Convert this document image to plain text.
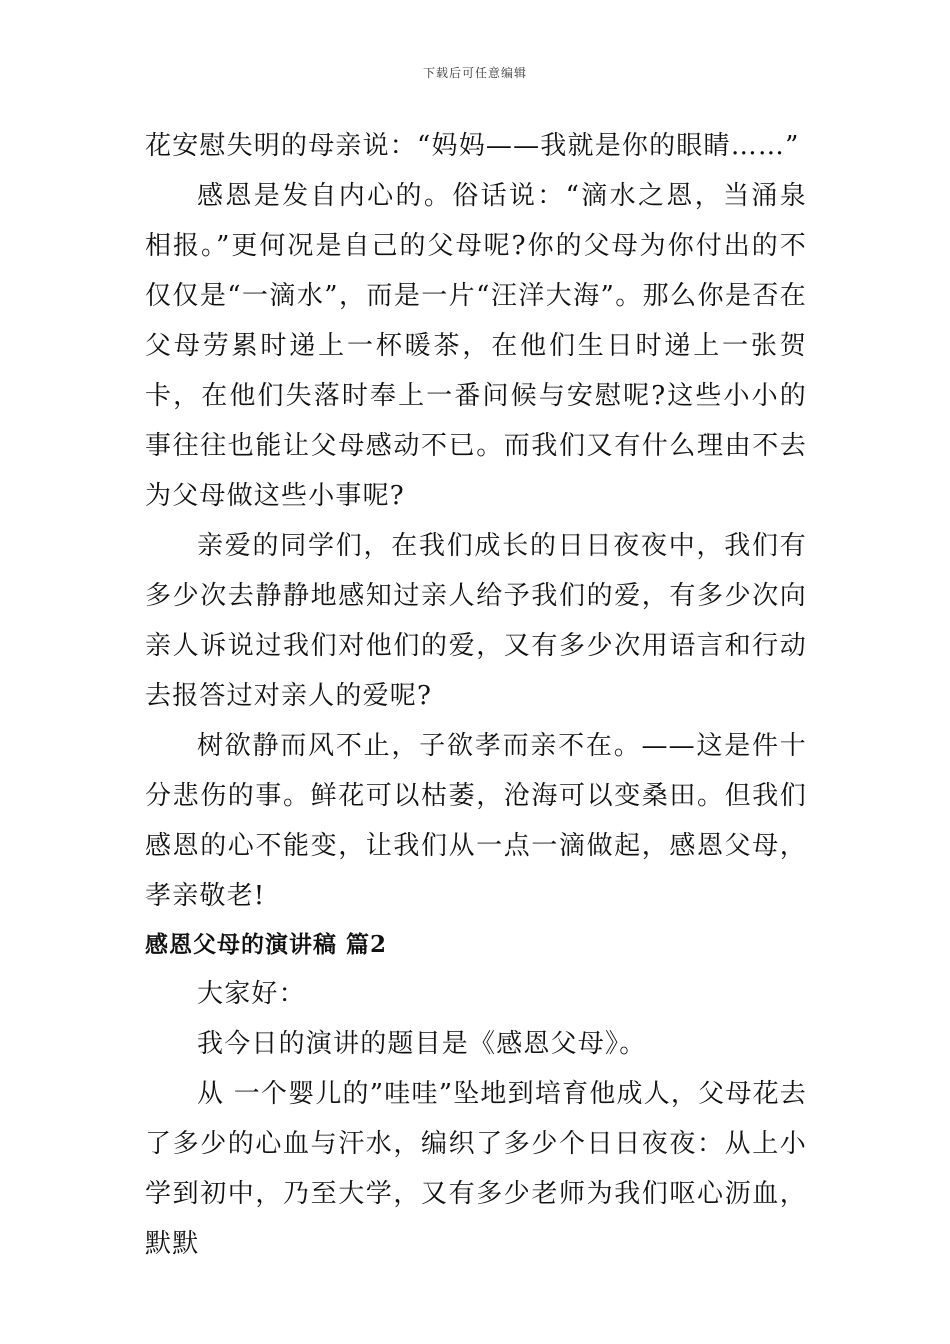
下载后可任意编辑

花安慰失明的母亲说：“妈妈——我就是你的眼睛……”

感恩是发自内心的。俗话说：“滴水之恩，当涌泉相报。”更何况是自己的父母呢?你的父母为你付出的不仅仅是“一滴水”，而是一片“汪洋大海”。那么你是否在父母劳累时递上一杯暖茶，在他们生日时递上一张贺卡，在他们失落时奉上一番问候与安慰呢?这些小小的事往往也能让父母感动不已。而我们又有什么理由不去为父母做这些小事呢?

亲爱的同学们，在我们成长的日日夜夜中，我们有多少次去静静地感知过亲人给予我们的爱，有多少次向亲人诉说过我们对他们的爱，又有多少次用语言和行动去报答过对亲人的爱呢?

树欲静而风不止，子欲孝而亲不在。——这是件十分悲伤的事。鲜花可以枯萎，沧海可以变桑田。但我们感恩的心不能变，让我们从一点一滴做起，感恩父母，孝亲敬老!

感恩父母的演讲稿 篇2

大家好：

我今日的演讲的题目是《感恩父母》。

从 一个婴儿的”哇哇”坠地到培育他成人，父母花去了多少的心血与汗水，编织了多少个日日夜夜：从上小学到初中，乃至大学，又有多少老师为我们呕心沥血，默默
